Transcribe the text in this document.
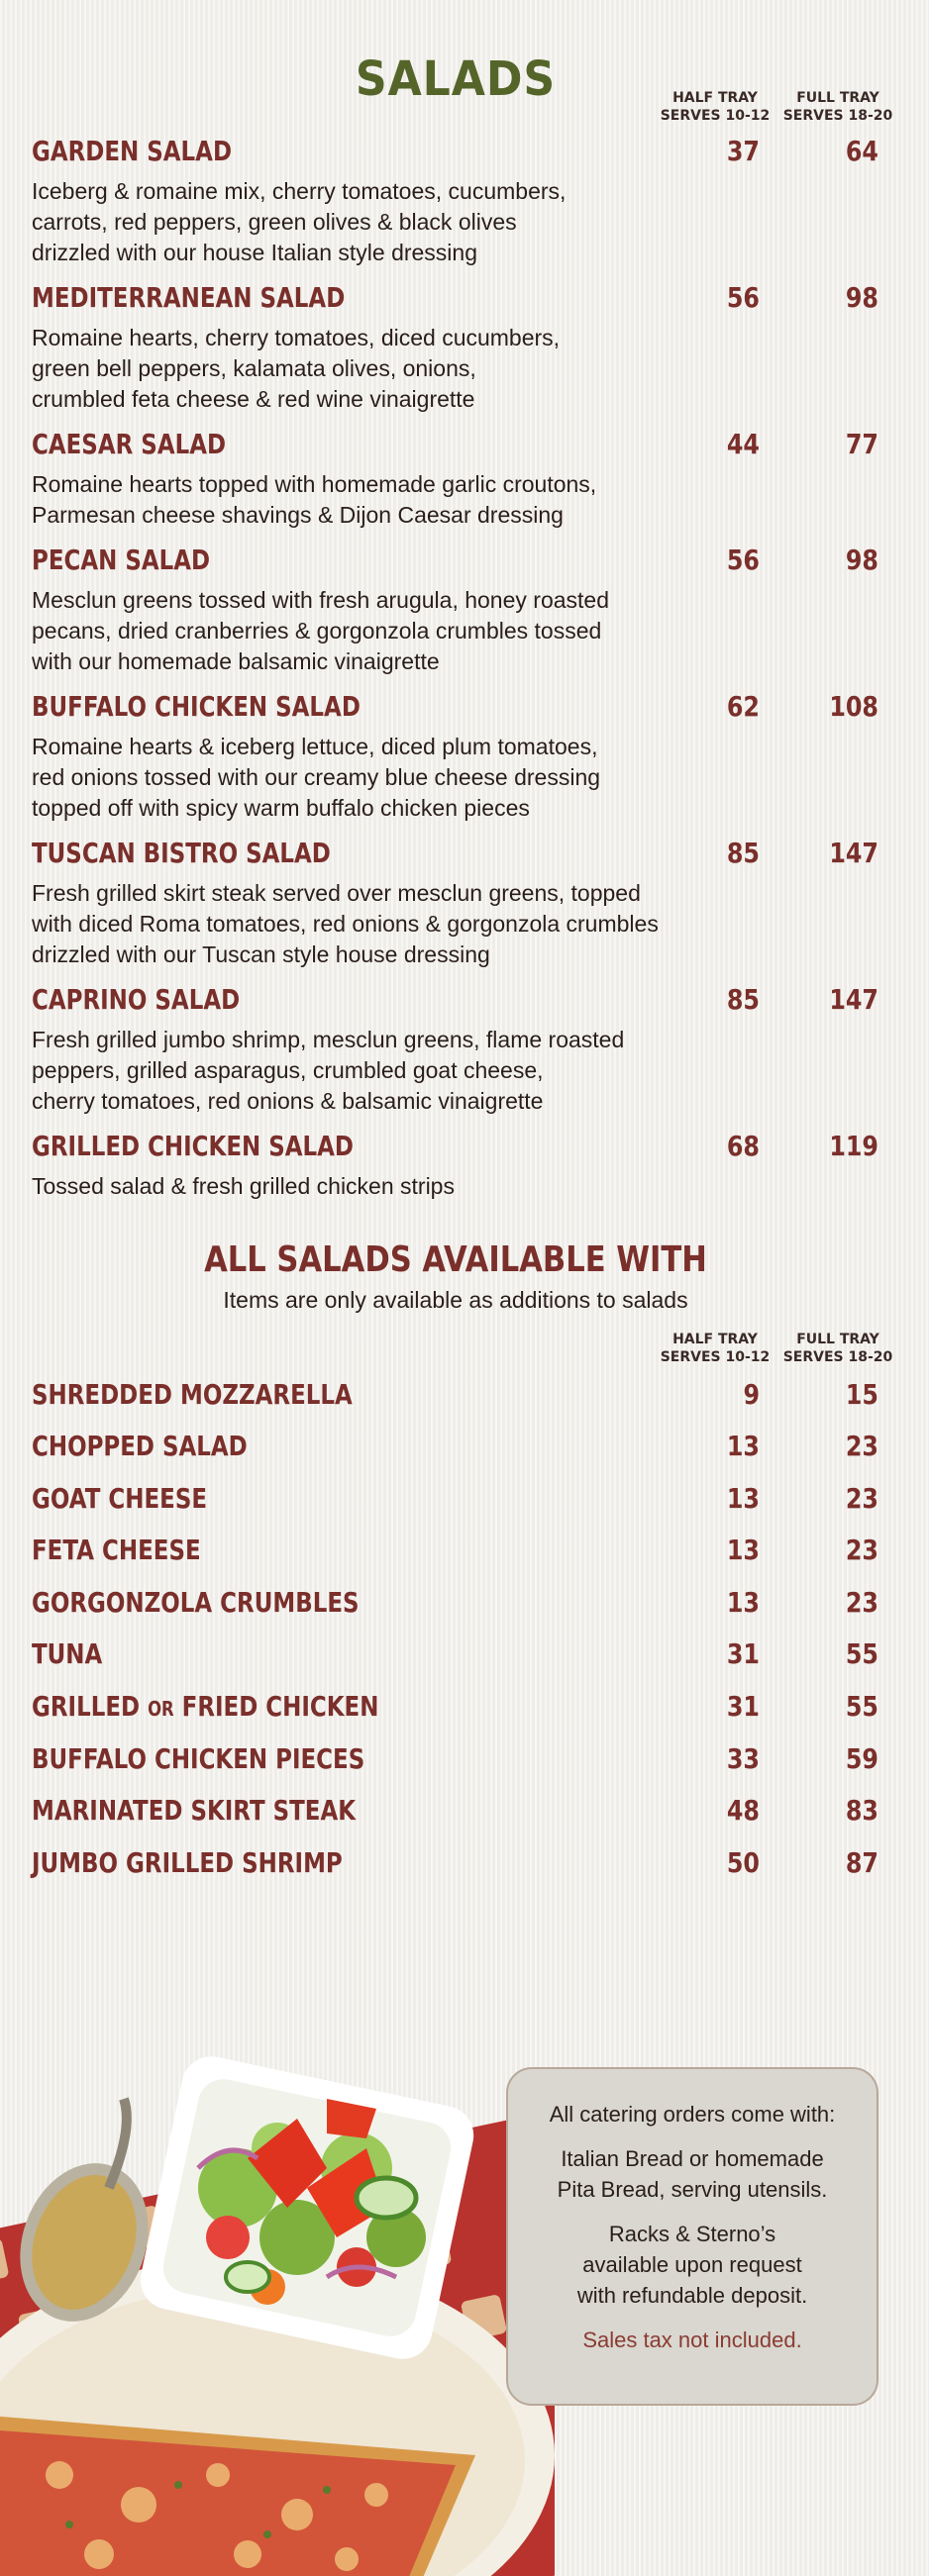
SALADS	HALF TRAY
SERVES 10-12
FULL TRAY
SERVES 18-20
GARDEN SALAD	37	64
Iceberg & romaine mix, cherry tomatoes, cucumbers,
carrots, red peppers, green olives & black olives
drizzled with our house Italian style dressing
MEDITERRANEAN SALAD	56	98
Romaine hearts, cherry tomatoes, diced cucumbers,
green bell peppers, kalamata olives, onions,
crumbled feta cheese & red wine vinaigrette
CAESAR SALAD	44	77
Romaine hearts topped with homemade garlic croutons,
Parmesan cheese shavings & Dijon Caesar dressing
PECAN SALAD	56	98
Mesclun greens tossed with fresh arugula, honey roasted
pecans, dried cranberries & gorgonzola crumbles tossed
with our homemade balsamic vinaigrette
BUFFALO CHICKEN SALAD	62	108
Romaine hearts & iceberg lettuce, diced plum tomatoes,
red onions tossed with our creamy blue cheese dressing
topped off with spicy warm buffalo chicken pieces
TUSCAN BISTRO SALAD	85	147
Fresh grilled skirt steak served over mesclun greens, topped
with diced Roma tomatoes, red onions & gorgonzola crumbles
drizzled with our Tuscan style house dressing
CAPRINO SALAD	85	147
Fresh grilled jumbo shrimp, mesclun greens, flame roasted
peppers, grilled asparagus, crumbled goat cheese,
cherry tomatoes, red onions & balsamic vinaigrette
GRILLED CHICKEN SALAD	68	119
Tossed salad & fresh grilled chicken strips
ALL SALADS AVAILABLE WITH
Items are only available as additions to salads
HALF TRAY
SERVES 10-12
FULL TRAY
SERVES 18-20
SHREDDED MOZZARELLA	9	15
CHOPPED SALAD	13	23
GOAT CHEESE	13	23
FETA CHEESE	13	23
GORGONZOLA CRUMBLES	13	23
TUNA	31	55
GRILLED OR FRIED CHICKEN	31	55
BUFFALO CHICKEN PIECES	33	59
MARINATED SKIRT STEAK	48	83
JUMBO GRILLED SHRIMP	50	87

All catering orders come with:

Italian Bread or homemade

Pita Bread, serving utensils.

Racks & Sterno’s

available upon request

with refundable deposit.

Sales tax not included.
